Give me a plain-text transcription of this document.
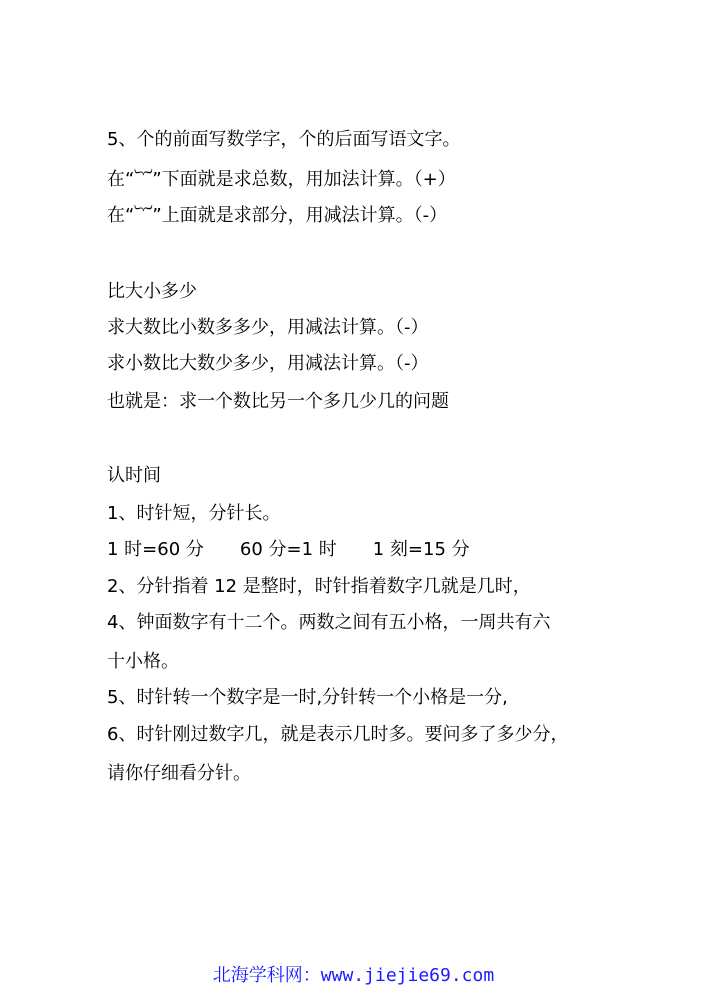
5、个的前面写数学字，个的后面写语文字。
在“︸”下面就是求总数，用加法计算。（+）
在“︸”上面就是求部分，用减法计算。（-）
比大小多少
求大数比小数多多少，用减法计算。（-）
求小数比大数少多少，用减法计算。（-）
也就是：求一个数比另一个多几少几的问题
认时间
1、时针短，分针长。
1 时=60 分　　60 分=1 时　　1 刻=15 分
2、分针指着 12 是整时，时针指着数字几就是几时，
4、钟面数字有十二个。两数之间有五小格，一周共有六
十小格。
5、时针转一个数字是一时,分针转一个小格是一分,
6、时针刚过数字几，就是表示几时多。要问多了多少分，
请你仔细看分针。
北海学科网：www.jiejie69.com
